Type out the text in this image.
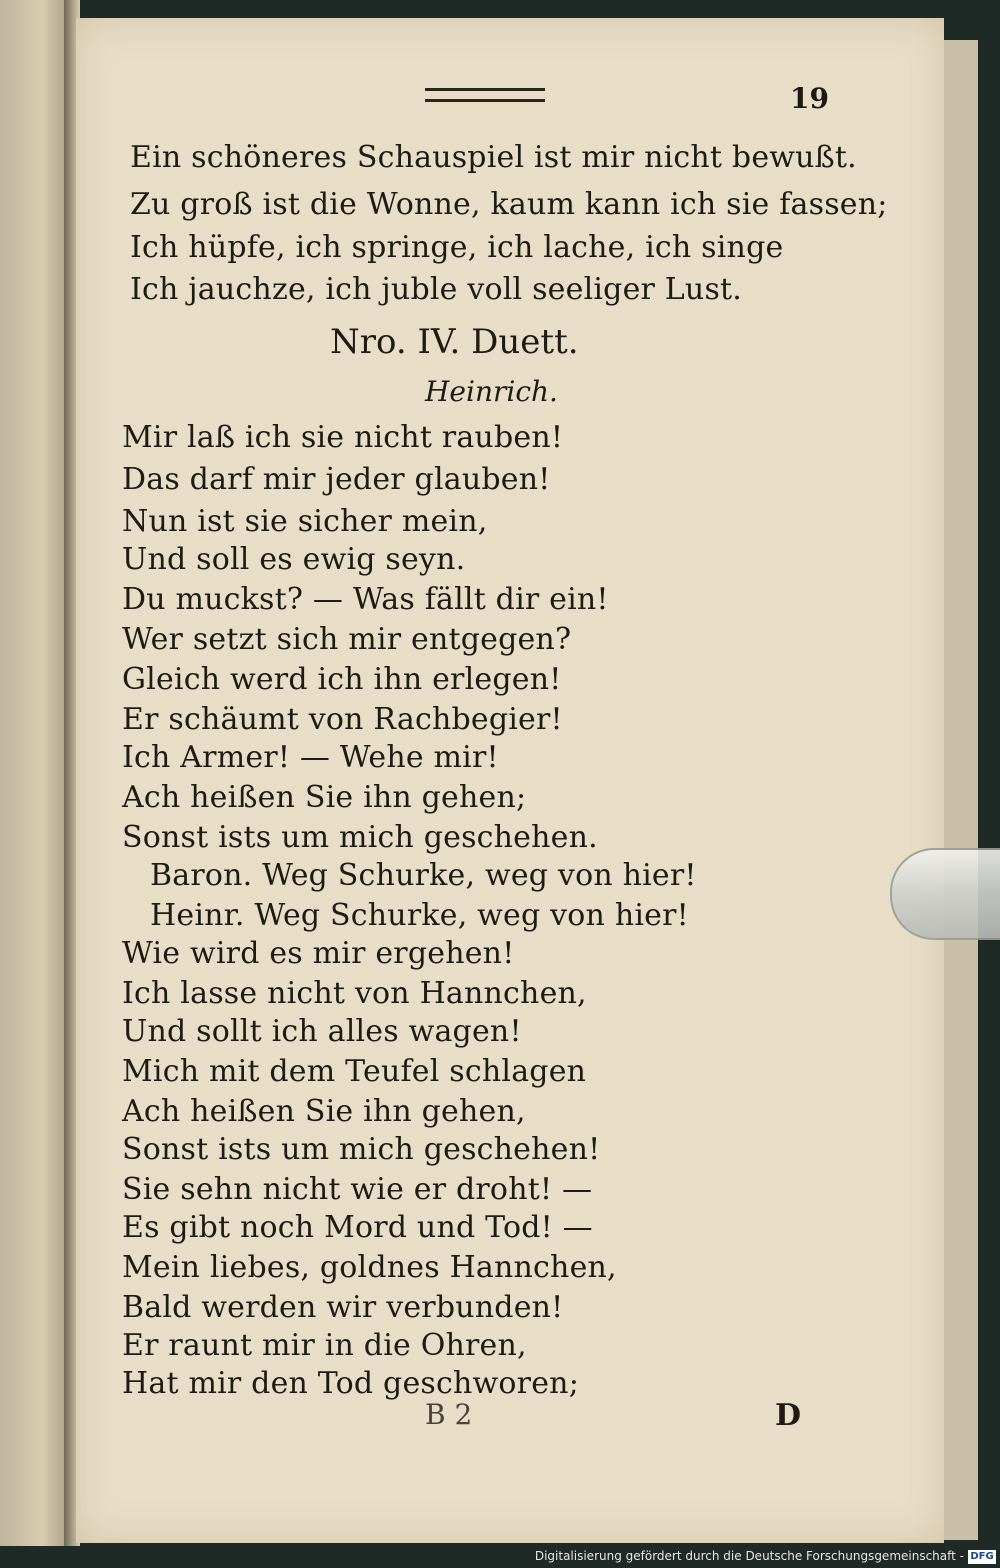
19
Ein schöneres Schauspiel ist mir nicht bewußt.
Zu groß ist die Wonne, kaum kann ich sie fassen;
Ich hüpfe, ich springe, ich lache, ich singe
Ich jauchze, ich juble voll seeliger Lust.
Nro. IV. Duett.
Heinrich.
Mir laß ich sie nicht rauben!
Das darf mir jeder glauben!
Nun ist sie sicher mein,
Und soll es ewig seyn.
Du muckst? — Was fällt dir ein!
Wer setzt sich mir entgegen?
Gleich werd ich ihn erlegen!
Er schäumt von Rachbegier!
Ich Armer! — Wehe mir!
Ach heißen Sie ihn gehen;
Sonst ists um mich geschehen.
Baron. Weg Schurke, weg von hier!
Heinr. Weg Schurke, weg von hier!
Wie wird es mir ergehen!
Ich lasse nicht von Hannchen,
Und sollt ich alles wagen!
Mich mit dem Teufel schlagen
Ach heißen Sie ihn gehen,
Sonst ists um mich geschehen!
Sie sehn nicht wie er droht! —
Es gibt noch Mord und Tod! —
Mein liebes, goldnes Hannchen,
Bald werden wir verbunden!
Er raunt mir in die Ohren,
Hat mir den Tod geschworen;
B 2	D
Digitalisierung gefördert durch die Deutsche Forschungsgemeinschaft - DFG
